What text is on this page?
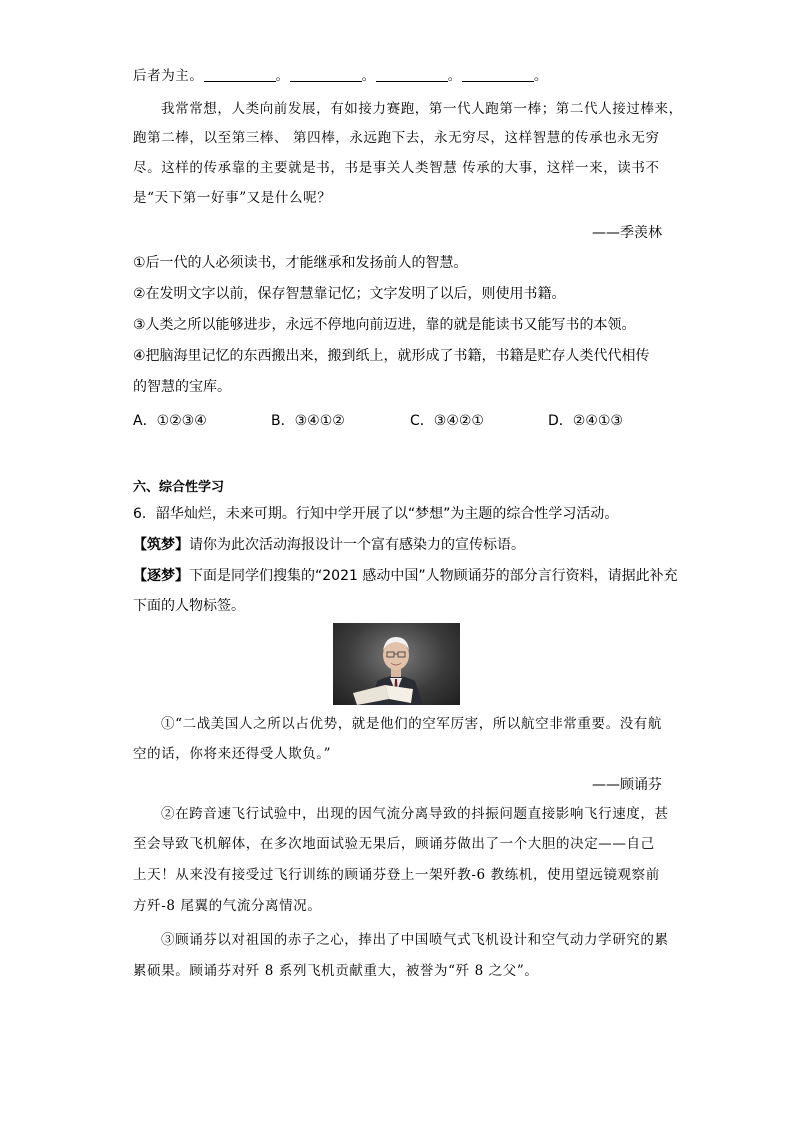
后者为主。	。	。	。	。
我常常想，人类向前发展，有如接力赛跑，第一代人跑第一棒；第二代人接过棒来，
跑第二棒，以至第三棒、 第四棒，永远跑下去，永无穷尽，这样智慧的传承也永无穷
尽。这样的传承靠的主要就是书，书是事关人类智慧 传承的大事，这样一来，读书不
是“天下第一好事”又是什么呢？
——季羡林
①后一代的人必须读书，才能继承和发扬前人的智慧。
②在发明文字以前，保存智慧靠记忆；文字发明了以后，则使用书籍。
③人类之所以能够进步，永远不停地向前迈进，靠的就是能读书又能写书的本领。
④把脑海里记忆的东西搬出来，搬到纸上，就形成了书籍，书籍是贮存人类代代相传
的智慧的宝库。
A．①②③④	B．③④①②	C．③④②①	D．②④①③
六、综合性学习
6．韶华灿烂，未来可期。行知中学开展了以“梦想”为主题的综合性学习活动。
【筑梦】请你为此次活动海报设计一个富有感染力的宣传标语。
【逐梦】下面是同学们搜集的“2021 感动中国”人物顾诵芬的部分言行资料，请据此补充
下面的人物标签。
①“二战美国人之所以占优势，就是他们的空军厉害，所以航空非常重要。没有航
空的话，你将来还得受人欺负。”
——顾诵芬
②在跨音速飞行试验中，出现的因气流分离导致的抖振问题直接影响飞行速度，甚
至会导致飞机解体，在多次地面试验无果后，顾诵芬做出了一个大胆的决定——自己
上天！从来没有接受过飞行训练的顾诵芬登上一架歼教-6 教练机，使用望远镜观察前
方歼-8 尾翼的气流分离情况。
③顾诵芬以对祖国的赤子之心，捧出了中国喷气式飞机设计和空气动力学研究的累
累硕果。顾诵芬对歼 8 系列飞机贡献重大，被誉为“歼 8 之父”。
